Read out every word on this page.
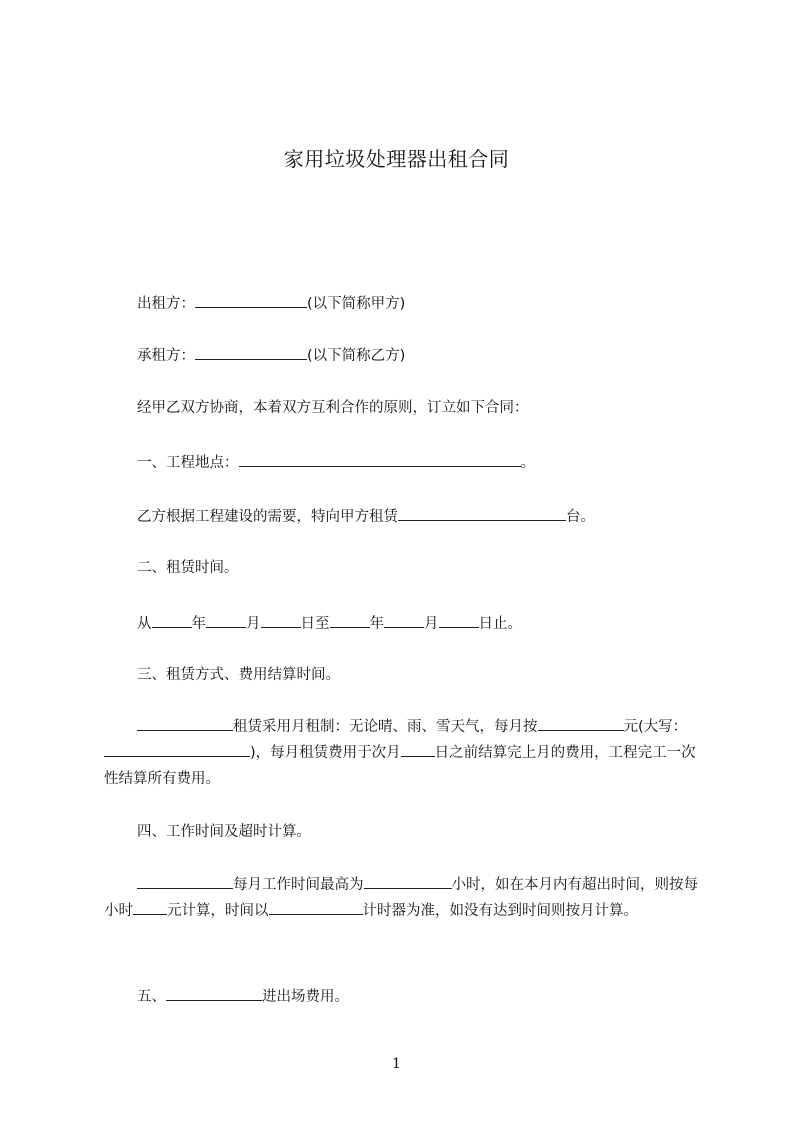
家用垃圾处理器出租合同
出租方：	(以下简称甲方)
承租方：	(以下简称乙方)
经甲乙双方协商，本着双方互利合作的原则，订立如下合同：
一、工程地点：	。
乙方根据工程建设的需要，特向甲方租赁	台。
二、租赁时间。
从	年	月	日至	年	月	日止。
三、租赁方式、费用结算时间。
租赁采用月租制：无论晴、雨、雪天气，每月按	元(大写：)，每月租赁费用于次月 日之前结算完上月的费用，工程完工一次性结算所有费用。
四、工作时间及超时计算。
每月工作时间最高为	小时，如在本月内有超出时间，则按每小时 元计算，时间以	计时器为准，如没有达到时间则按月计算。
五、	进出场费用。
1
